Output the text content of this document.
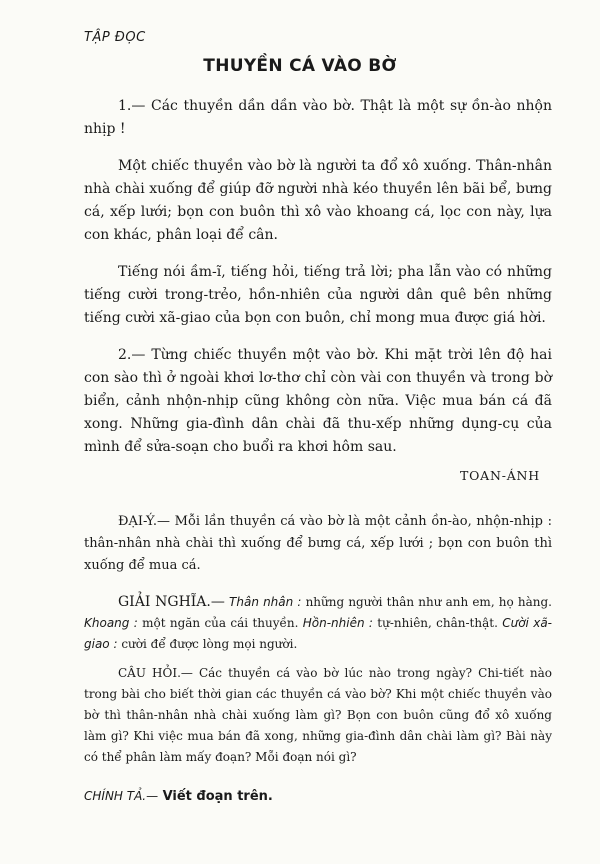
TẬP ĐỌC
THUYỀN CÁ VÀO BỜ

1.— Các thuyền dần dần vào bờ. Thật là một sự ồn-ào nhộn nhịp !

Một chiếc thuyền vào bờ là người ta đổ xô xuống. Thân-nhân nhà chài xuống để giúp đỡ người nhà kéo thuyền lên bãi bể, bưng cá, xếp lưới; bọn con buôn thì xô vào khoang cá, lọc con này, lựa con khác, phân loại để cân.

Tiếng nói ầm-ĩ, tiếng hỏi, tiếng trả lời; pha lẫn vào có những tiếng cười trong-trẻo, hồn-nhiên của người dân quê bên những tiếng cười xã-giao của bọn con buôn, chỉ mong mua được giá hời.

2.— Từng chiếc thuyền một vào bờ. Khi mặt trời lên độ hai con sào thì ở ngoài khơi lơ-thơ chỉ còn vài con thuyền và trong bờ biển, cảnh nhộn-nhịp cũng không còn nữa. Việc mua bán cá đã xong. Những gia-đình dân chài đã thu-xếp những dụng-cụ của mình để sửa-soạn cho buổi ra khơi hôm sau.

TOAN-ÁNH
ĐẠI-Ý.— Mỗi lần thuyền cá vào bờ là một cảnh ồn-ào, nhộn-nhịp : thân-nhân nhà chài thì xuống để bưng cá, xếp lưới ; bọn con buôn thì xuống để mua cá.
GIẢI NGHĨA.— Thân nhân : những người thân như anh em, họ hàng. Khoang : một ngăn của cái thuyền. Hồn-nhiên : tự-nhiên, chân-thật. Cười xã-giao : cười để được lòng mọi người.
CÂU HỎI.— Các thuyền cá vào bờ lúc nào trong ngày? Chi-tiết nào trong bài cho biết thời gian các thuyền cá vào bờ? Khi một chiếc thuyền vào bờ thì thân-nhân nhà chài xuống làm gì? Bọn con buôn cũng đổ xô xuống làm gì? Khi việc mua bán đã xong, những gia-đình dân chài làm gì? Bài này có thể phân làm mấy đoạn? Mỗi đoạn nói gì?
CHÍNH TẢ.— Viết đoạn trên.
